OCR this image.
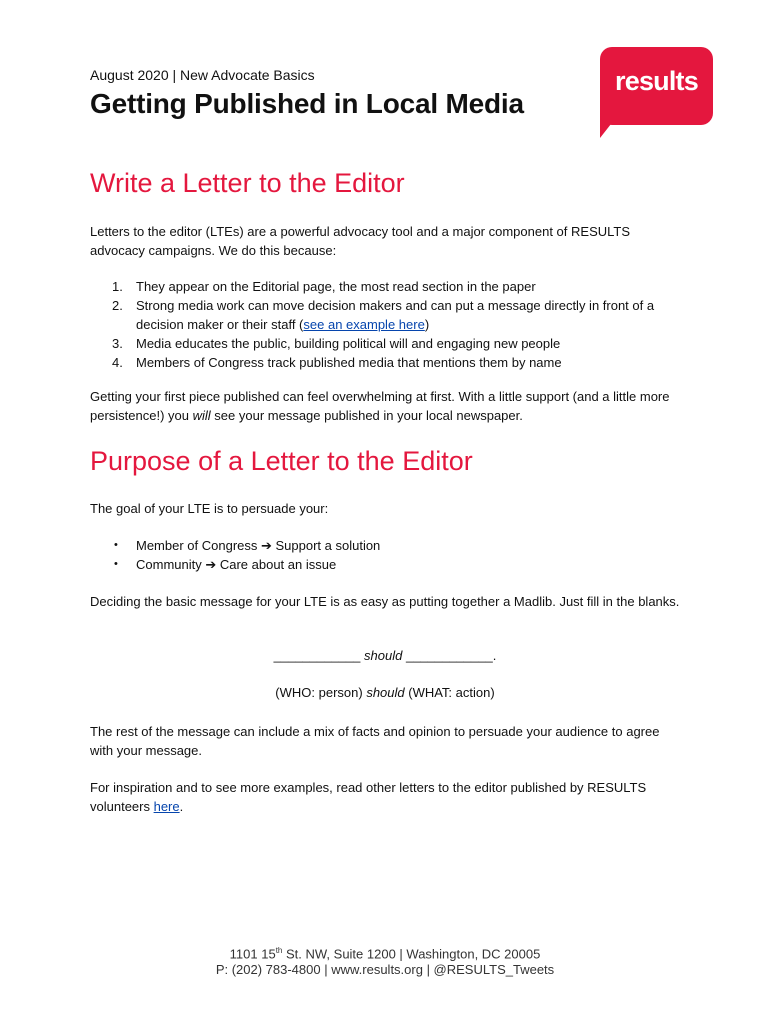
August 2020 | New Advocate Basics
Getting Published in Local Media
results
Write a Letter to the Editor

Letters to the editor (LTEs) are a powerful advocacy tool and a major component of RESULTS advocacy campaigns. We do this because:

1. They appear on the Editorial page, the most read section in the paper
2. Strong media work can move decision makers and can put a message directly in front of a decision maker or their staff (see an example here)
3. Media educates the public, building political will and engaging new people
4. Members of Congress track published media that mentions them by name

Getting your first piece published can feel overwhelming at first. With a little support (and a little more persistence!) you will see your message published in your local newspaper.

Purpose of a Letter to the Editor

The goal of your LTE is to persuade your:

• Member of Congress ➔ Support a solution
• Community ➔ Care about an issue

Deciding the basic message for your LTE is as easy as putting together a Madlib. Just fill in the blanks.

____________ should ____________.
(WHO: person) should (WHAT: action)

The rest of the message can include a mix of facts and opinion to persuade your audience to agree with your message.

For inspiration and to see more examples, read other letters to the editor published by RESULTS volunteers here.

1101 15th St. NW, Suite 1200 | Washington, DC 20005
P: (202) 783-4800 | www.results.org | @RESULTS_Tweets
